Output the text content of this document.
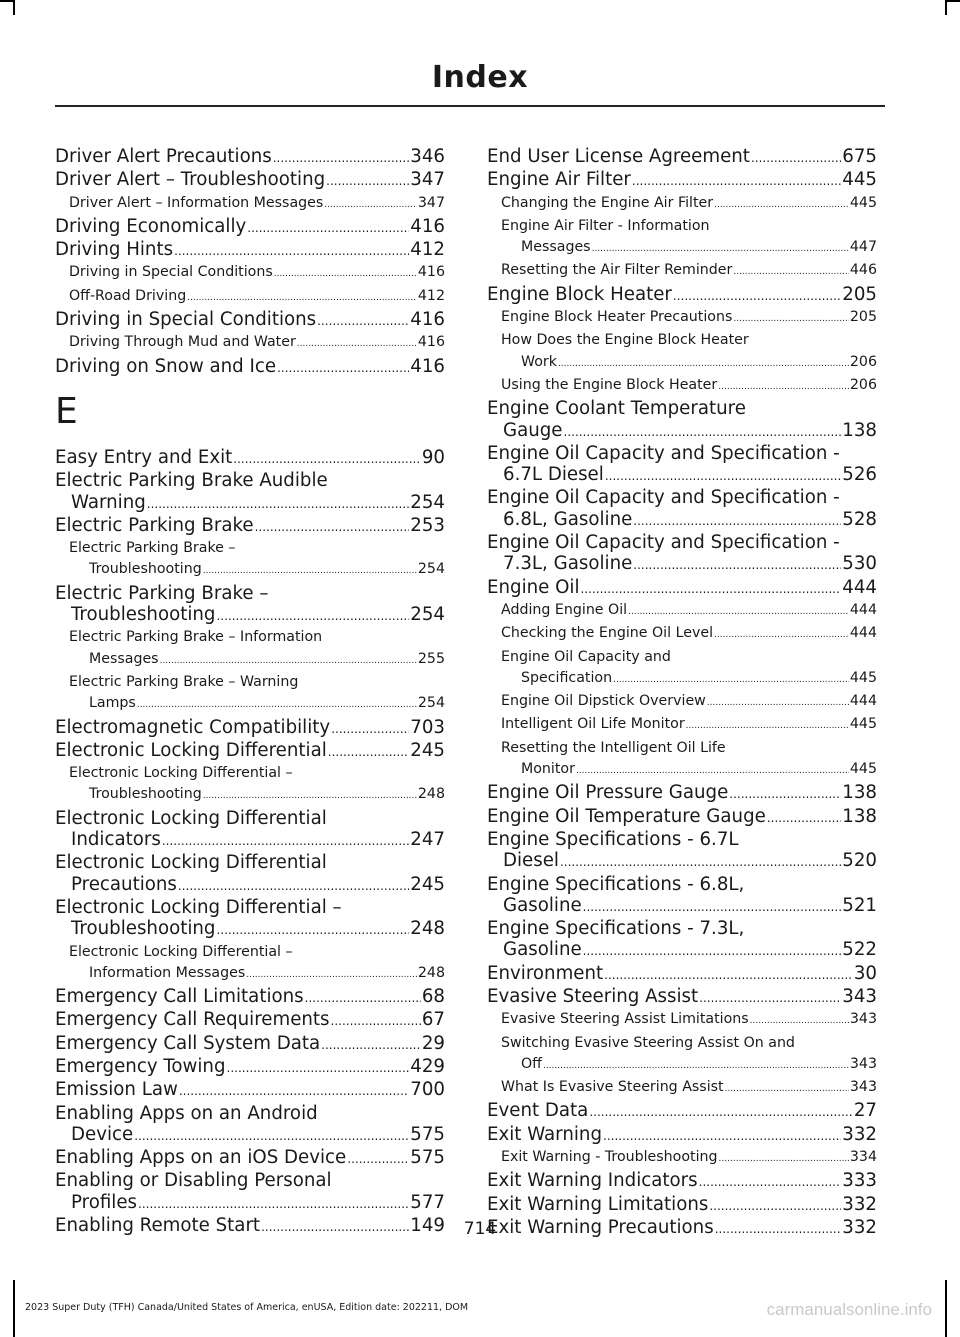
Index
Driver Alert Precautions .....	346
Driver Alert – Troubleshooting .....	347
Driver Alert – Information Messages .....	347
Driving Economically .....	416
Driving Hints .....	412
Driving in Special Conditions .....	416
Off-Road Driving .....	412
Driving in Special Conditions .....	416
Driving Through Mud and Water .....	416
Driving on Snow and Ice .....	416
E
Easy Entry and Exit .....	90
Electric Parking Brake Audible
Warning .....	254
Electric Parking Brake .....	253
Electric Parking Brake –
Troubleshooting .....	254
Electric Parking Brake –
Troubleshooting .....	254
Electric Parking Brake – Information
Messages .....	255
Electric Parking Brake – Warning
Lamps .....	254
Electromagnetic Compatibility .....	703
Electronic Locking Differential .....	245
Electronic Locking Differential –
Troubleshooting .....	248
Electronic Locking Differential
Indicators .....	247
Electronic Locking Differential
Precautions .....	245
Electronic Locking Differential –
Troubleshooting .....	248
Electronic Locking Differential –
Information Messages .....	248
Emergency Call Limitations .....	68
Emergency Call Requirements .....	67
Emergency Call System Data .....	29
Emergency Towing .....	429
Emission Law .....	700
Enabling Apps on an Android
Device .....	575
Enabling Apps on an iOS Device .....	575
Enabling or Disabling Personal
Profiles .....	577
Enabling Remote Start .....	149
End User License Agreement .....	675
Engine Air Filter .....	445
Changing the Engine Air Filter .....	445
Engine Air Filter - Information
Messages .....	447
Resetting the Air Filter Reminder .....	446
Engine Block Heater .....	205
Engine Block Heater Precautions .....	205
How Does the Engine Block Heater
Work .....	206
Using the Engine Block Heater .....	206
Engine Coolant Temperature
Gauge .....	138
Engine Oil Capacity and Specification -
6.7L Diesel .....	526
Engine Oil Capacity and Specification -
6.8L, Gasoline .....	528
Engine Oil Capacity and Specification -
7.3L, Gasoline .....	530
Engine Oil .....	444
Adding Engine Oil .....	444
Checking the Engine Oil Level .....	444
Engine Oil Capacity and
Specification .....	445
Engine Oil Dipstick Overview .....	444
Intelligent Oil Life Monitor .....	445
Resetting the Intelligent Oil Life
Monitor .....	445
Engine Oil Pressure Gauge .....	138
Engine Oil Temperature Gauge .....	138
Engine Specifications - 6.7L
Diesel .....	520
Engine Specifications - 6.8L,
Gasoline .....	521
Engine Specifications - 7.3L,
Gasoline .....	522
Environment .....	30
Evasive Steering Assist .....	343
Evasive Steering Assist Limitations .....	343
Switching Evasive Steering Assist On and
Off .....	343
What Is Evasive Steering Assist .....	343
Event Data .....	27
Exit Warning .....	332
Exit Warning - Troubleshooting .....	334
Exit Warning Indicators .....	333
Exit Warning Limitations .....	332
Exit Warning Precautions .....	332
714
2023 Super Duty (TFH) Canada/United States of America, enUSA, Edition date: 202211, DOM	carmanualsonline.info
